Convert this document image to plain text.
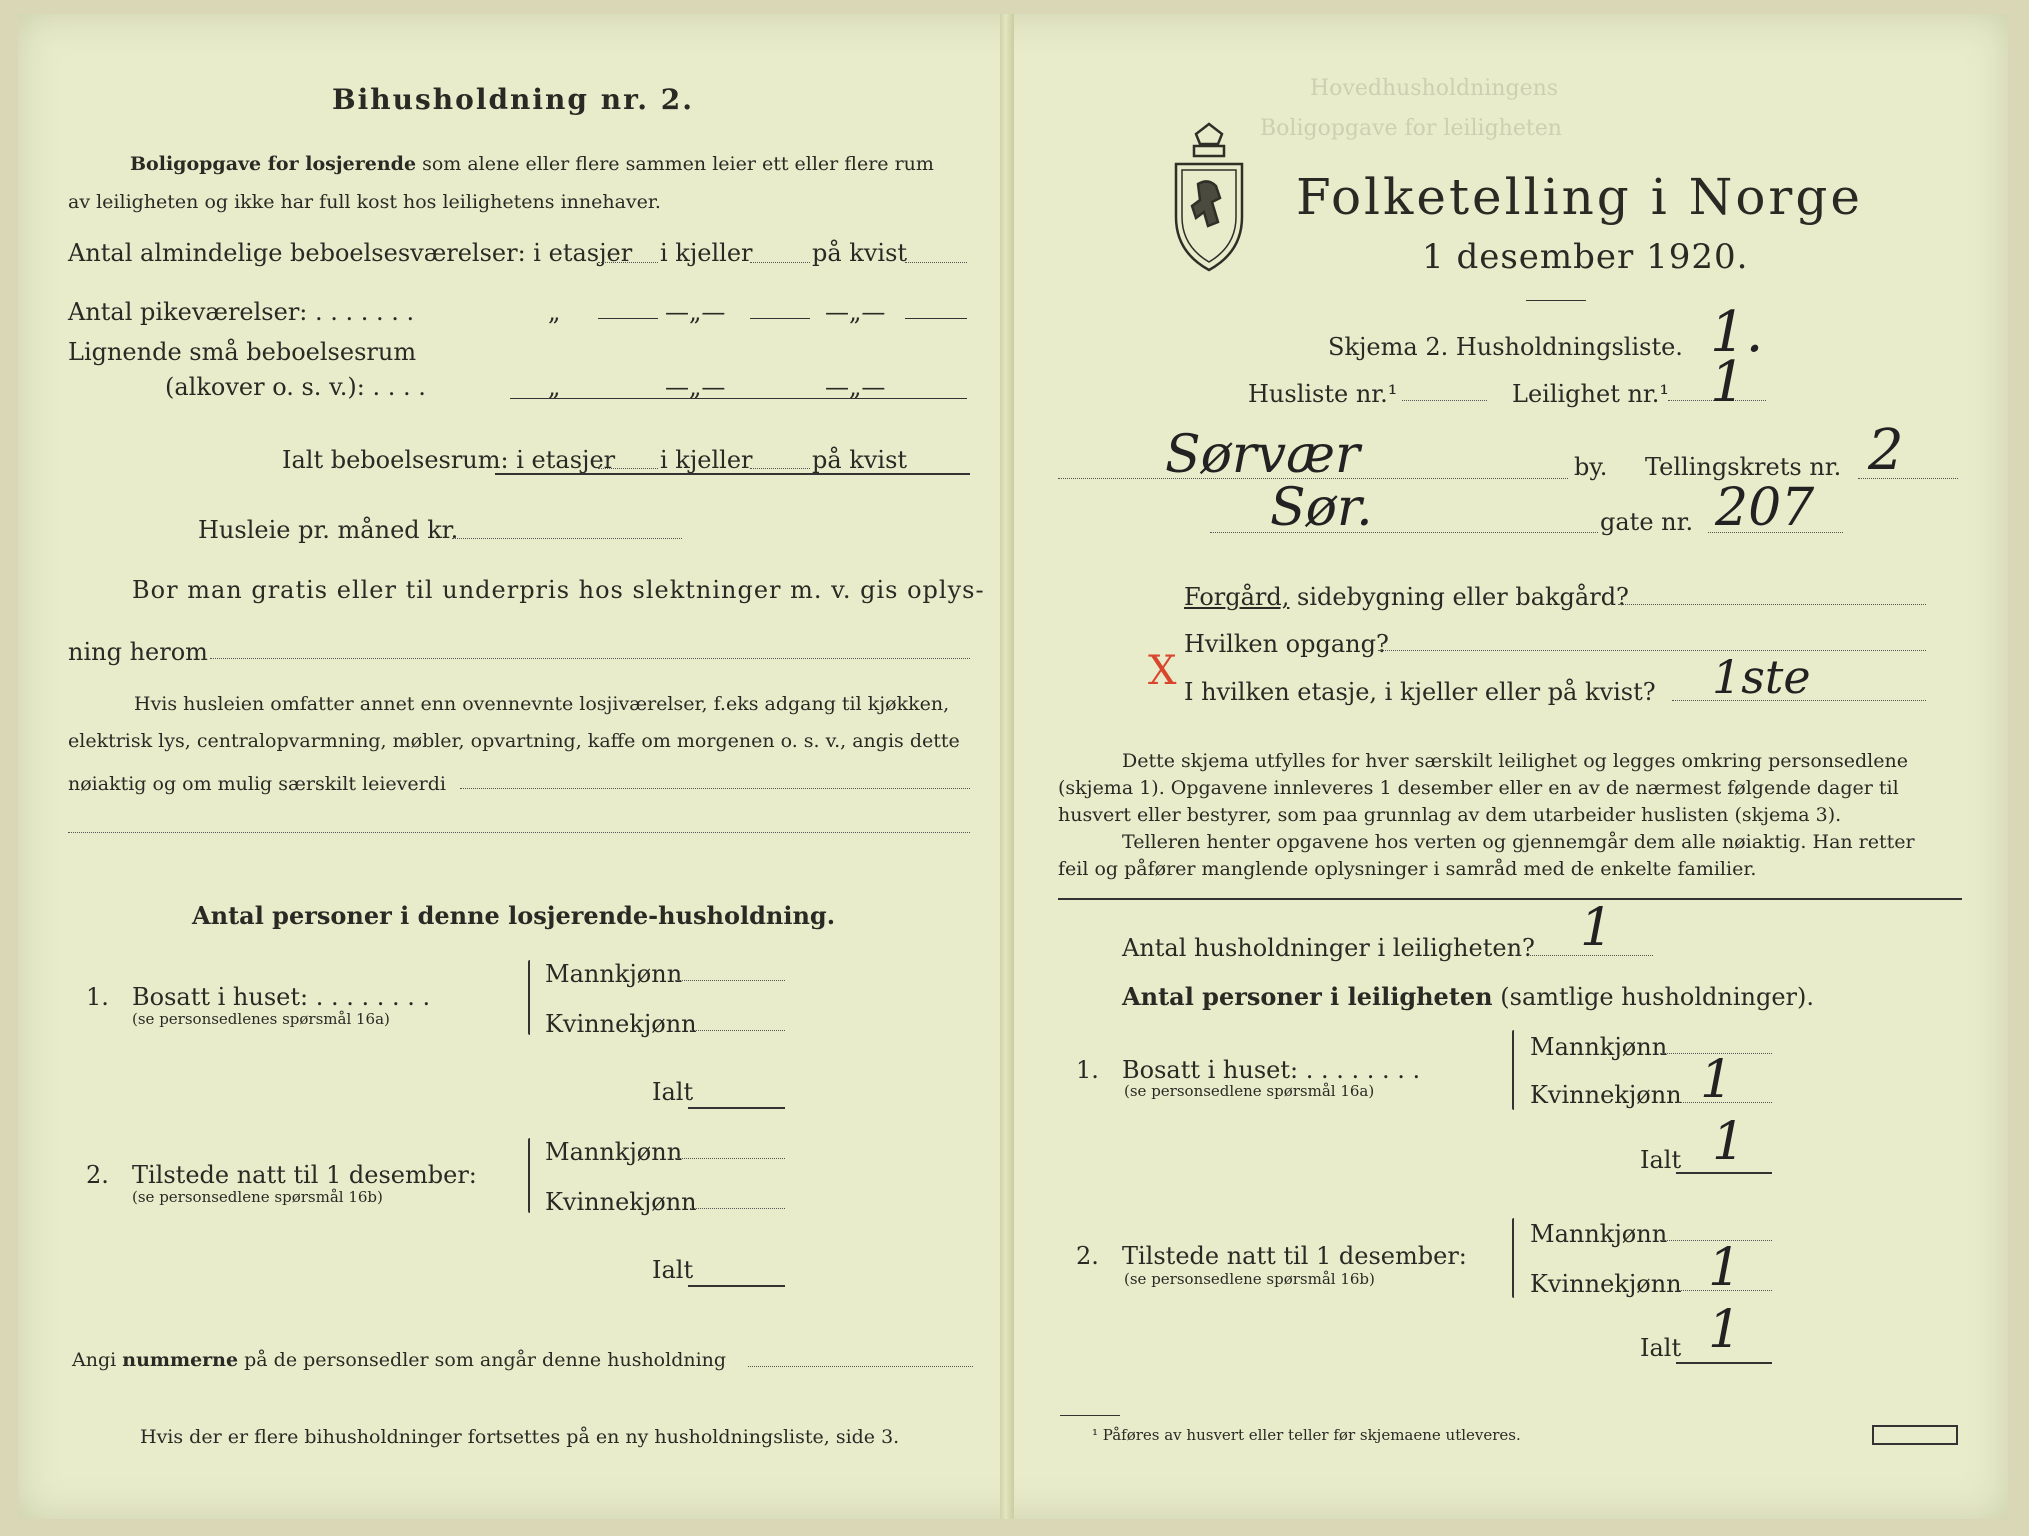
Bihusholdning nr. 2.
Boligopgave for losjerende som alene eller flere sammen leier ett eller flere rum
av leiligheten og ikke har full kost hos leilighetens innehaver.
Antal almindelige beboelsesværelser: i etasjer i kjeller på kvist
Antal pikeværelser: . . . . . . .	„	—„—	—„—
Lignende små beboelsesrum
(alkover o. s. v.): . . . .	„	—„—	—„—
Ialt beboelsesrum: i etasjer i kjeller på kvist
Husleie pr. måned kr.
Bor man gratis eller til underpris hos slektninger m. v. gis oplys-
ning herom
Hvis husleien omfatter annet enn ovennevnte losjiværelser, f.eks adgang til kjøkken,
elektrisk lys, centralopvarmning, møbler, opvartning, kaffe om morgenen o. s. v., angis dette
nøiaktig og om mulig særskilt leieverdi
Antal personer i denne losjerende-husholdning.
1. Bosatt i huset: . . . . . . . .
(se personsedlenes spørsmål 16a)
Mannkjønn
Kvinnekjønn
Ialt
2. Tilstede natt til 1 desember:
(se personsedlene spørsmål 16b)
Mannkjønn
Kvinnekjønn
Ialt
Angi nummerne på de personsedler som angår denne husholdning
Hvis der er flere bihusholdninger fortsettes på en ny husholdningsliste, side 3.
Hovedhusholdningens
Boligopgave for leiligheten
Folketelling i Norge
1 desember 1920.
Skjema 2. Husholdningsliste. 1.
Husliste nr.¹	Leilighet nr.¹ 1
Sørvær	by. Tellingskrets nr. 2
Sør.	gate nr. 207
Forgård, sidebygning eller bakgård?
Hvilken opgang?
X I hvilken etasje, i kjeller eller på kvist? 1ste
Dette skjema utfylles for hver særskilt leilighet og legges omkring personsedlene
(skjema 1). Opgavene innleveres 1 desember eller en av de nærmest følgende dager til
husvert eller bestyrer, som paa grunnlag av dem utarbeider huslisten (skjema 3).
Telleren henter opgavene hos verten og gjennemgår dem alle nøiaktig. Han retter
feil og påfører manglende oplysninger i samråd med de enkelte familier.
Antal husholdninger i leiligheten? 1
Antal personer i leiligheten (samtlige husholdninger).
1. Bosatt i huset: . . . . . . . .
(se personsedlene spørsmål 16a)
Mannkjønn
Kvinnekjønn 1
Ialt 1
2. Tilstede natt til 1 desember:
(se personsedlene spørsmål 16b)
Mannkjønn
Kvinnekjønn 1
Ialt 1
¹ Påføres av husvert eller teller før skjemaene utleveres.
